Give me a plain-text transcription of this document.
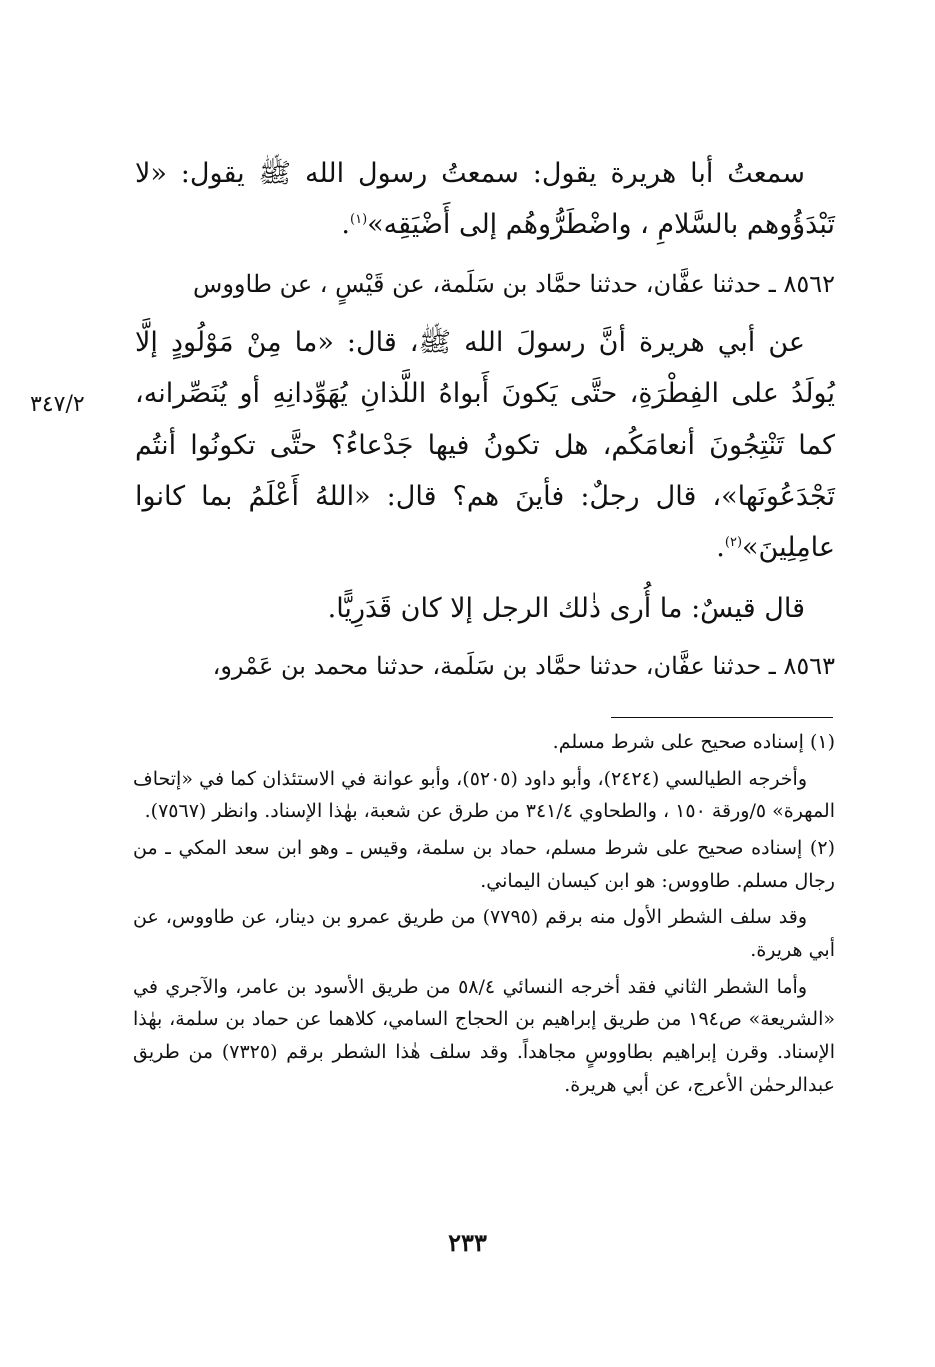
سمعتُ أبا هريرة يقول: سمعتُ رسول الله ﷺ يقول: «لا تَبْدَؤُوهم بالسَّلامِ ، واضْطَرُّوهُم إلى أَضْيَقِه»$^{(١)}$.

٨٥٦٢ ـ حدثنا عفَّان، حدثنا حمَّاد بن سَلَمة، عن قَيْسٍ ، عن طاووس

عن أبي هريرة أنَّ رسولَ الله ﷺ، قال: «ما مِنْ مَوْلُودٍ إلَّا يُولَدُ على الفِطْرَةِ، حتَّى يَكونَ أَبواهُ اللَّذانِ يُهَوِّدانِهِ أو يُنَصِّرانه، كما تَنْتِجُونَ أنعامَكُم، هل تكونُ فيها جَدْعاءُ؟ حتَّى تكونُوا أنتُم تَجْدَعُونَها»، قال رجلٌ: فأينَ هم؟ قال: «اللهُ أَعْلَمُ بما كانوا عامِلِينَ»$^{(٢)}$.

قال قيسٌ: ما أُرى ذٰلك الرجل إلا كان قَدَرِيًّا.

٨٥٦٣ ـ حدثنا عفَّان، حدثنا حمَّاد بن سَلَمة، حدثنا محمد بن عَمْرو،

٣٤٧/٢

(١) إسناده صحيح على شرط مسلم.

وأخرجه الطيالسي (٢٤٢٤)، وأبو داود (٥٢٠٥)، وأبو عوانة في الاستئذان كما في «إتحاف المهرة» ٥/ورقة ١٥٠ ، والطحاوي ٣٤١/٤ من طرق عن شعبة، بهٰذا الإسناد. وانظر (٧٥٦٧).

(٢) إسناده صحيح على شرط مسلم، حماد بن سلمة، وقيس ـ وهو ابن سعد المكي ـ من رجال مسلم. طاووس: هو ابن كيسان اليماني.

وقد سلف الشطر الأول منه برقم (٧٧٩٥) من طريق عمرو بن دينار، عن طاووس، عن أبي هريرة.

وأما الشطر الثاني فقد أخرجه النسائي ٥٨/٤ من طريق الأسود بن عامر، والآجري في «الشريعة» ص١٩٤ من طريق إبراهيم بن الحجاج السامي، كلاهما عن حماد بن سلمة، بهٰذا الإسناد. وقرن إبراهيم بطاووسٍ مجاهداً. وقد سلف هٰذا الشطر برقم (٧٣٢٥) من طريق عبدالرحمٰن الأعرج، عن أبي هريرة.

٢٣٣
